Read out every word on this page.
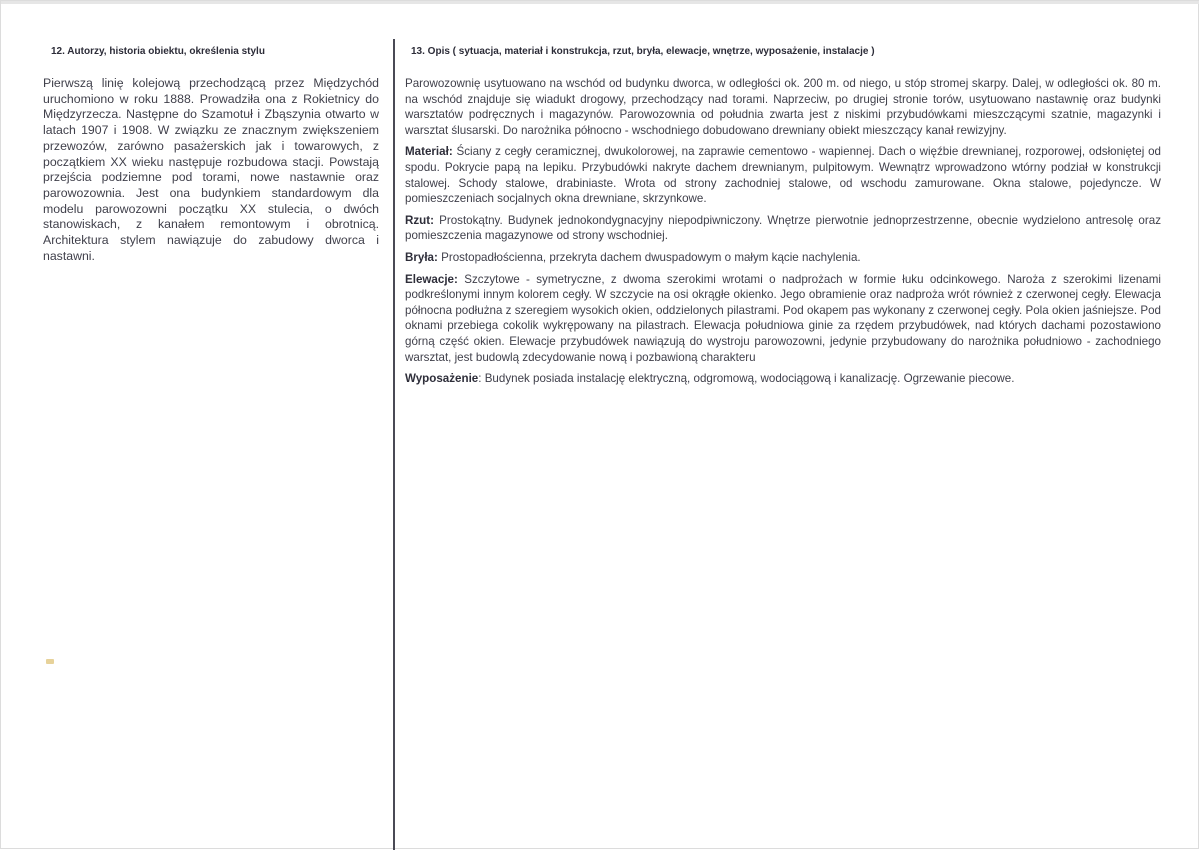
12. Autorzy, historia obiektu, określenia stylu

Pierwszą linię kolejową przechodzącą przez Międzychód uruchomiono w roku 1888. Prowadziła ona z Rokietnicy do Międzyrzecza. Następne do Szamotuł i Zbąszynia otwarto w latach 1907 i 1908. W związku ze znacznym zwiększeniem przewozów, zarówno pasażerskich jak i towarowych, z początkiem XX wieku następuje rozbudowa stacji. Powstają przejścia podziemne pod torami, nowe nastawnie oraz parowozownia. Jest ona budynkiem standardowym dla modelu parowozowni początku XX stulecia, o dwóch stanowiskach, z kanałem remontowym i obrotnicą. Architektura stylem nawiązuje do zabudowy dworca i nastawni.

13. Opis ( sytuacja, materiał i konstrukcja, rzut, bryła, elewacje, wnętrze, wyposażenie, instalacje )

Parowozownię usytuowano na wschód od budynku dworca, w odległości ok. 200 m. od niego, u stóp stromej skarpy. Dalej, w odległości ok. 80 m. na wschód znajduje się wiadukt drogowy, przechodzący nad torami. Naprzeciw, po drugiej stronie torów, usytuowano nastawnię oraz budynki warsztatów podręcznych i magazynów. Parowozownia od południa zwarta jest z niskimi przybudówkami mieszczącymi szatnie, magazynki i warsztat ślusarski. Do narożnika północno - wschodniego dobudowano drewniany obiekt mieszczący kanał rewizyjny.

Materiał: Ściany z cegły ceramicznej, dwukolorowej, na zaprawie cementowo - wapiennej. Dach o więźbie drewnianej, rozporowej, odsłoniętej od spodu. Pokrycie papą na lepiku. Przybudówki nakryte dachem drewnianym, pulpitowym. Wewnątrz wprowadzono wtórny podział w konstrukcji stalowej. Schody stalowe, drabiniaste. Wrota od strony zachodniej stalowe, od wschodu zamurowane. Okna stalowe, pojedyncze. W pomieszczeniach socjalnych okna drewniane, skrzynkowe.

Rzut: Prostokątny. Budynek jednokondygnacyjny niepodpiwniczony. Wnętrze pierwotnie jednoprzestrzenne, obecnie wydzielono antresolę oraz pomieszczenia magazynowe od strony wschodniej.

Bryła: Prostopadłościenna, przekryta dachem dwuspadowym o małym kącie nachylenia.

Elewacje: Szczytowe - symetryczne, z dwoma szerokimi wrotami o nadprożach w formie łuku odcinkowego. Naroża z szerokimi lizenami podkreślonymi innym kolorem cegły. W szczycie na osi okrągłe okienko. Jego obramienie oraz nadproża wrót również z czerwonej cegły. Elewacja północna podłużna z szeregiem wysokich okien, oddzielonych pilastrami. Pod okapem pas wykonany z czerwonej cegły. Pola okien jaśniejsze. Pod oknami przebiega cokolik wykrępowany na pilastrach. Elewacja południowa ginie za rzędem przybudówek, nad których dachami pozostawiono górną część okien. Elewacje przybudówek nawiązują do wystroju parowozowni, jedynie przybudowany do narożnika południowo - zachodniego warsztat, jest budowlą zdecydowanie nową i pozbawioną charakteru

Wyposażenie: Budynek posiada instalację elektryczną, odgromową, wodociągową i kanalizację. Ogrzewanie piecowe.
